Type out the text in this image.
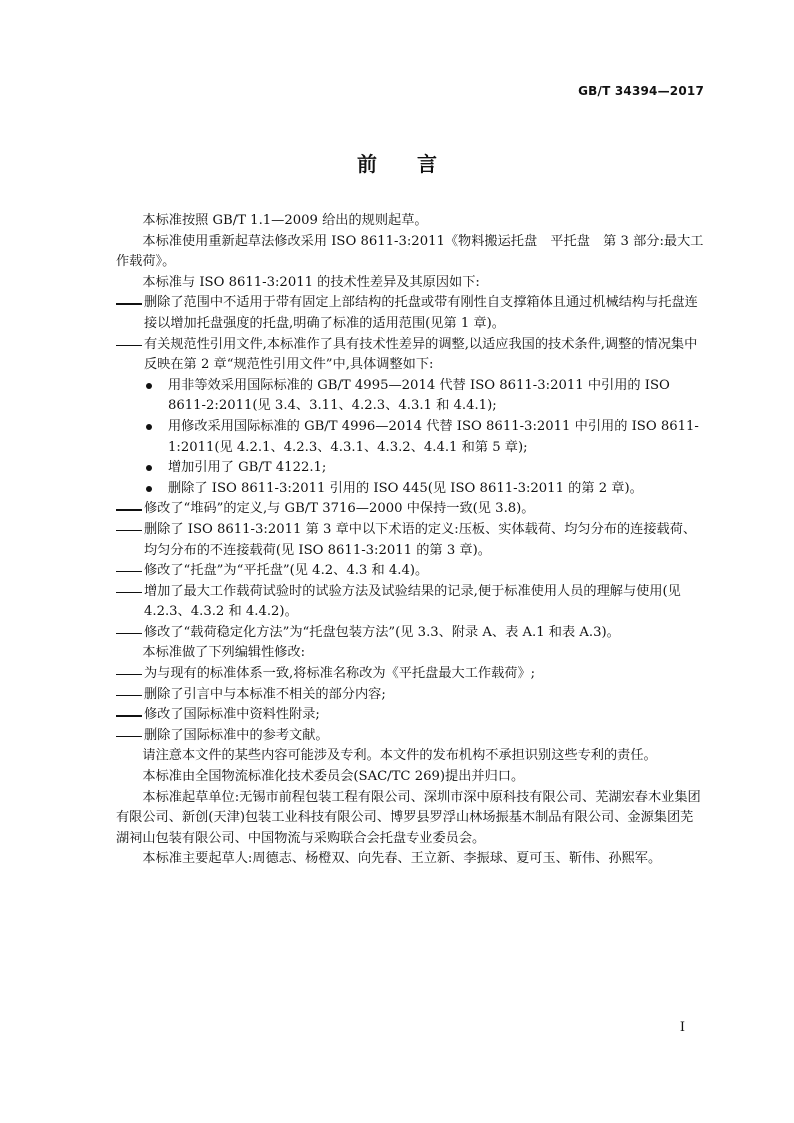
GB/T 34394—2017
前　　言

本标准按照 GB/T 1.1—2009 给出的规则起草。

本标准使用重新起草法修改采用 ISO 8611-3:2011《物料搬运托盘　平托盘　第 3 部分:最大工作载荷》。

本标准与 ISO 8611-3:2011 的技术性差异及其原因如下:

删除了范围中不适用于带有固定上部结构的托盘或带有刚性自支撑箱体且通过机械结构与托盘连接以增加托盘强度的托盘,明确了标准的适用范围(见第 1 章)。
有关规范性引用文件,本标准作了具有技术性差异的调整,以适应我国的技术条件,调整的情况集中反映在第 2 章“规范性引用文件”中,具体调整如下:
用非等效采用国际标准的 GB/T 4995—2014 代替 ISO 8611-3:2011 中引用的 ISO 8611-2:2011(见 3.4、3.11、4.2.3、4.3.1 和 4.4.1);
用修改采用国际标准的 GB/T 4996—2014 代替 ISO 8611-3:2011 中引用的 ISO 8611-1:2011(见 4.2.1、4.2.3、4.3.1、4.3.2、4.4.1 和第 5 章);
增加引用了 GB/T 4122.1;
删除了 ISO 8611-3:2011 引用的 ISO 445(见 ISO 8611-3:2011 的第 2 章)。
修改了“堆码”的定义,与 GB/T 3716—2000 中保持一致(见 3.8)。
删除了 ISO 8611-3:2011 第 3 章中以下术语的定义:压板、实体载荷、均匀分布的连接载荷、均匀分布的不连接载荷(见 ISO 8611-3:2011 的第 3 章)。
修改了“托盘”为“平托盘”(见 4.2、4.3 和 4.4)。
增加了最大工作载荷试验时的试验方法及试验结果的记录,便于标准使用人员的理解与使用(见 4.2.3、4.3.2 和 4.4.2)。
修改了“载荷稳定化方法”为“托盘包装方法”(见 3.3、附录 A、表 A.1 和表 A.3)。

本标准做了下列编辑性修改:

为与现有的标准体系一致,将标准名称改为《平托盘最大工作载荷》;
删除了引言中与本标准不相关的部分内容;
修改了国际标准中资料性附录;
删除了国际标准中的参考文献。

请注意本文件的某些内容可能涉及专利。本文件的发布机构不承担识别这些专利的责任。

本标准由全国物流标准化技术委员会(SAC/TC 269)提出并归口。

本标准起草单位:无锡市前程包装工程有限公司、深圳市深中原科技有限公司、芜湖宏春木业集团有限公司、新创(天津)包装工业科技有限公司、博罗县罗浮山林场振基木制品有限公司、金源集团芜湖祠山包装有限公司、中国物流与采购联合会托盘专业委员会。

本标准主要起草人:周德志、杨橙双、向先春、王立新、李振球、夏可玉、靳伟、孙熙军。

I
